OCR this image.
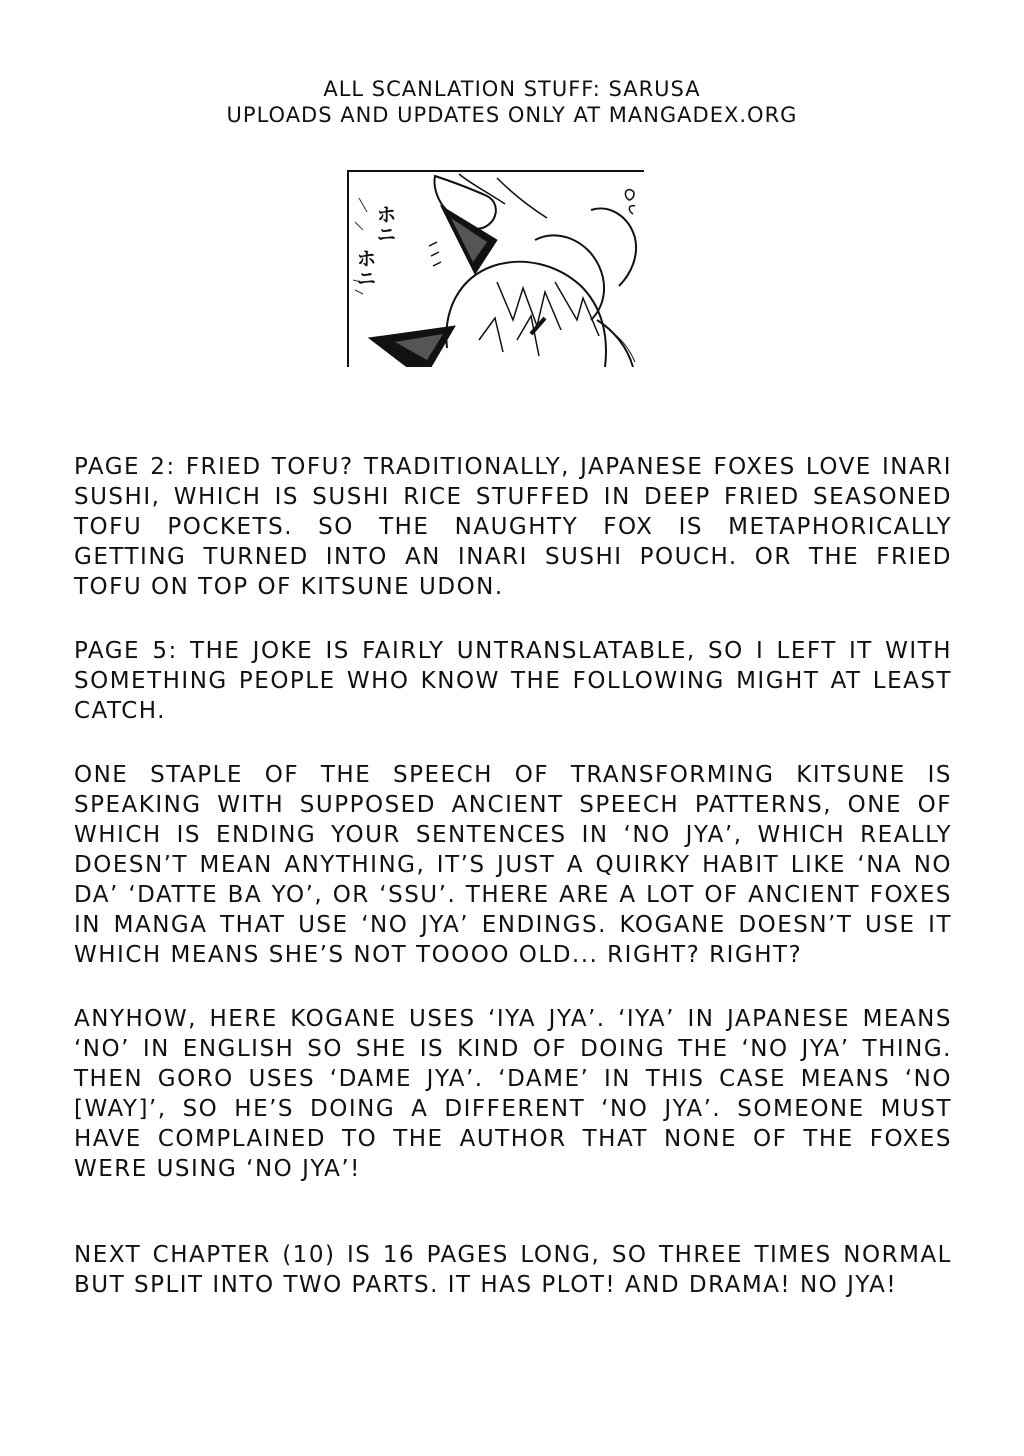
ALL SCANLATION STUFF: SARUSA
UPLOADS AND UPDATES ONLY AT MANGADEX.ORG
ホニ
ホニ

PAGE 2: FRIED TOFU? TRADITIONALLY, JAPANESE FOXES LOVE INARI SUSHI, WHICH IS SUSHI RICE STUFFED IN DEEP FRIED SEASONED TOFU POCKETS. SO THE NAUGHTY FOX IS METAPHORICALLY GETTING TURNED INTO AN INARI SUSHI POUCH. OR THE FRIED TOFU ON TOP OF KITSUNE UDON.

PAGE 5: THE JOKE IS FAIRLY UNTRANSLATABLE, SO I LEFT IT WITH SOMETHING PEOPLE WHO KNOW THE FOLLOWING MIGHT AT LEAST CATCH.

ONE STAPLE OF THE SPEECH OF TRANSFORMING KITSUNE IS SPEAKING WITH SUPPOSED ANCIENT SPEECH PATTERNS, ONE OF WHICH IS ENDING YOUR SENTENCES IN ‘NO JYA’, WHICH REALLY DOESN’T MEAN ANYTHING, IT’S JUST A QUIRKY HABIT LIKE ‘NA NO DA’ ‘DATTE BA YO’, OR ‘SSU’. THERE ARE A LOT OF ANCIENT FOXES IN MANGA THAT USE ‘NO JYA’ ENDINGS. KOGANE DOESN’T USE IT WHICH MEANS SHE’S NOT TOOOO OLD... RIGHT? RIGHT?

ANYHOW, HERE KOGANE USES ‘IYA JYA’. ‘IYA’ IN JAPANESE MEANS ‘NO’ IN ENGLISH SO SHE IS KIND OF DOING THE ‘NO JYA’ THING. THEN GORO USES ‘DAME JYA’. ‘DAME’ IN THIS CASE MEANS ‘NO [WAY]’, SO HE’S DOING A DIFFERENT ‘NO JYA’. SOMEONE MUST HAVE COMPLAINED TO THE AUTHOR THAT NONE OF THE FOXES WERE USING ‘NO JYA’!

NEXT CHAPTER (10) IS 16 PAGES LONG, SO THREE TIMES NORMAL BUT SPLIT INTO TWO PARTS. IT HAS PLOT! AND DRAMA! NO JYA!
